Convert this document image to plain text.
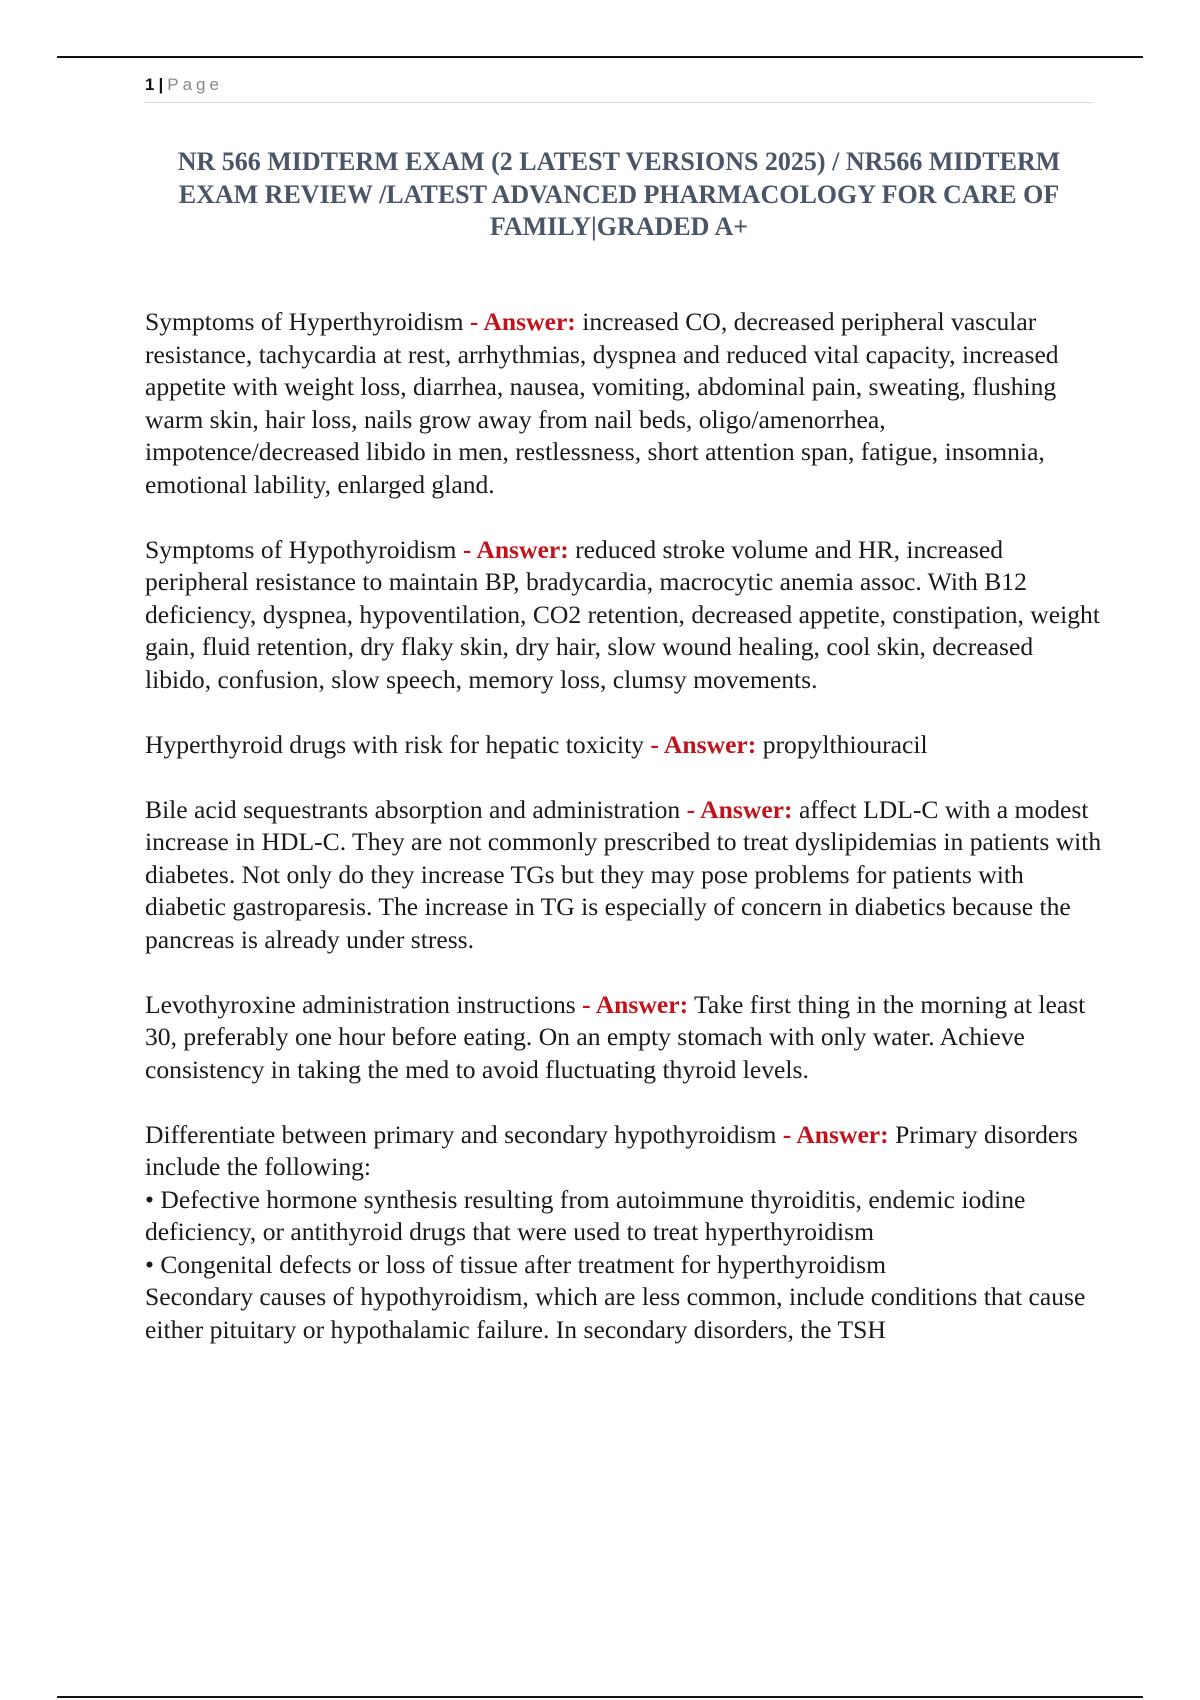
1 | Page
NR 566 MIDTERM EXAM (2 LATEST VERSIONS 2025) / NR566 MIDTERM EXAM REVIEW /LATEST ADVANCED PHARMACOLOGY FOR CARE OF FAMILY|GRADED A+

Symptoms of Hyperthyroidism - Answer: increased CO, decreased peripheral vascular resistance, tachycardia at rest, arrhythmias, dyspnea and reduced vital capacity, increased appetite with weight loss, diarrhea, nausea, vomiting, abdominal pain, sweating, flushing warm skin, hair loss, nails grow away from nail beds, oligo/amenorrhea, impotence/decreased libido in men, restlessness, short attention span, fatigue, insomnia, emotional lability, enlarged gland.

Symptoms of Hypothyroidism - Answer: reduced stroke volume and HR, increased peripheral resistance to maintain BP, bradycardia, macrocytic anemia assoc. With B12 deficiency, dyspnea, hypoventilation, CO2 retention, decreased appetite, constipation, weight gain, fluid retention, dry flaky skin, dry hair, slow wound healing, cool skin, decreased libido, confusion, slow speech, memory loss, clumsy movements.

Hyperthyroid drugs with risk for hepatic toxicity - Answer: propylthiouracil

Bile acid sequestrants absorption and administration - Answer: affect LDL-C with a modest increase in HDL-C. They are not commonly prescribed to treat dyslipidemias in patients with diabetes. Not only do they increase TGs but they may pose problems for patients with diabetic gastroparesis. The increase in TG is especially of concern in diabetics because the pancreas is already under stress.

Levothyroxine administration instructions - Answer: Take first thing in the morning at least 30, preferably one hour before eating. On an empty stomach with only water. Achieve consistency in taking the med to avoid fluctuating thyroid levels.

Differentiate between primary and secondary hypothyroidism - Answer: Primary disorders include the following:
• Defective hormone synthesis resulting from autoimmune thyroiditis, endemic iodine deficiency, or antithyroid drugs that were used to treat hyperthyroidism
• Congenital defects or loss of tissue after treatment for hyperthyroidism
Secondary causes of hypothyroidism, which are less common, include conditions that cause either pituitary or hypothalamic failure. In secondary disorders, the TSH
